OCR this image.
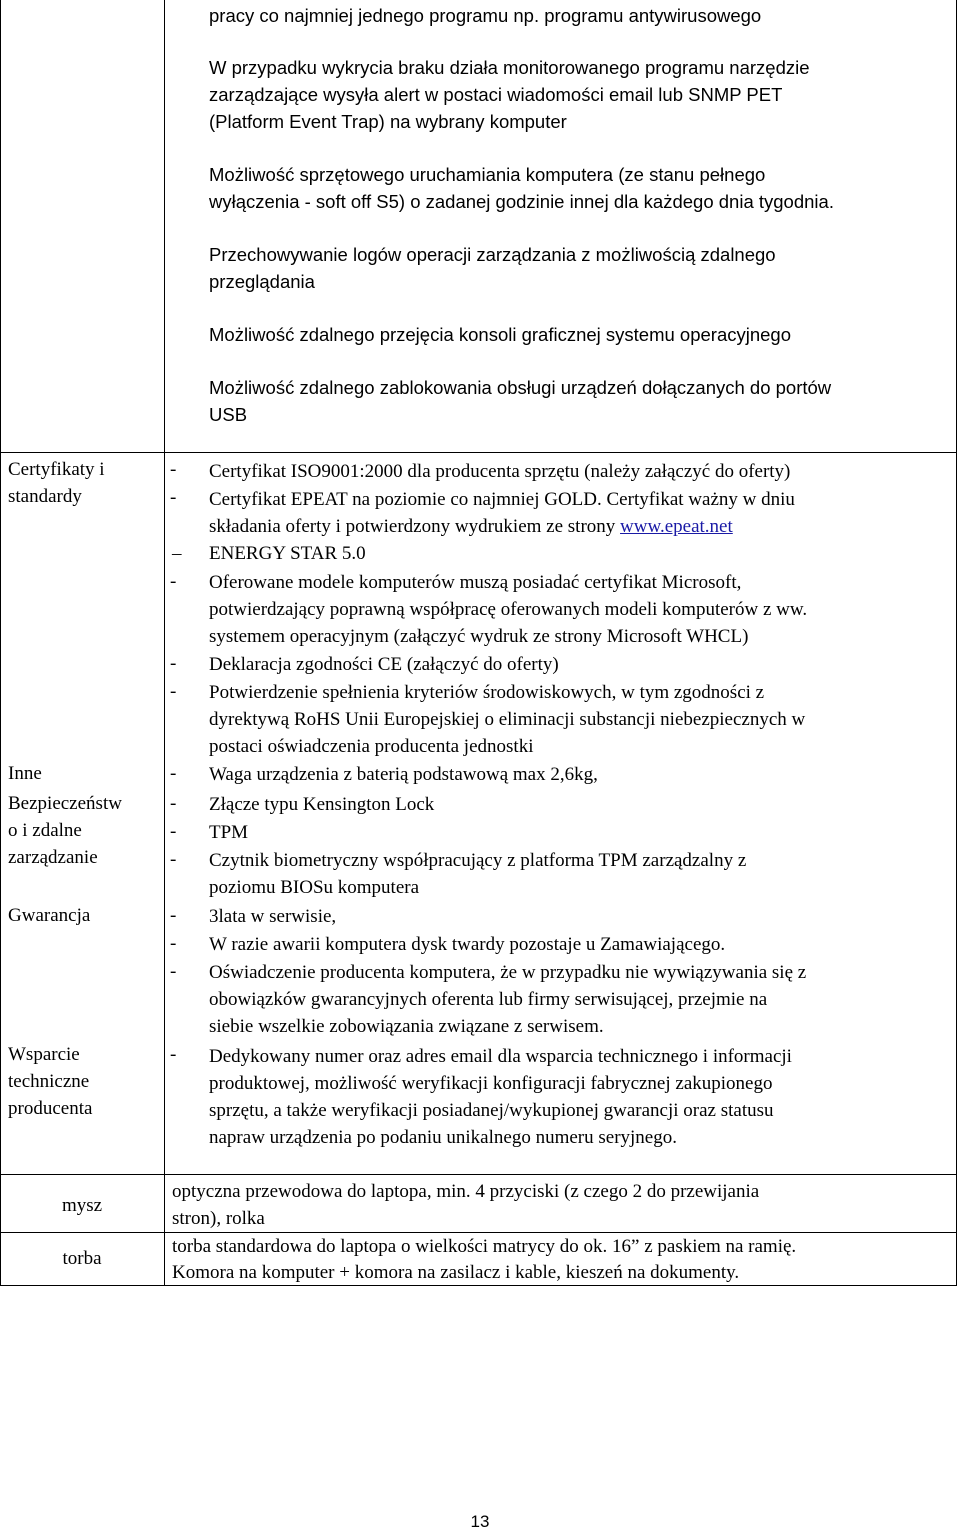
pracy co najmniej jednego programu np. programu antywirusowego
W przypadku wykrycia braku działa monitorowanego programu narzędzie
zarządzające wysyła alert w postaci wiadomości email lub SNMP PET
(Platform Event Trap) na wybrany komputer
Możliwość sprzętowego uruchamiania komputera (ze stanu pełnego
wyłączenia - soft off S5) o zadanej godzinie innej dla każdego dnia tygodnia.
Przechowywanie logów operacji zarządzania z możliwością zdalnego
przeglądania
Możliwość zdalnego przejęcia konsoli graficznej systemu operacyjnego
Możliwość zdalnego zablokowania obsługi urządzeń dołączanych do portów
USB
Certyfikaty i
standardy
- Certyfikat ISO9001:2000 dla producenta sprzętu (należy załączyć do oferty)
- Certyfikat EPEAT na poziomie co najmniej GOLD. Certyfikat ważny w dniu
składania oferty i potwierdzony wydrukiem ze strony www.epeat.net
– ENERGY STAR 5.0
- Oferowane modele komputerów muszą posiadać certyfikat Microsoft,
potwierdzający poprawną współpracę oferowanych modeli komputerów z ww.
systemem operacyjnym (załączyć wydruk ze strony Microsoft WHCL)
- Deklaracja zgodności CE (załączyć do oferty)
- Potwierdzenie spełnienia kryteriów środowiskowych, w tym zgodności z
dyrektywą RoHS Unii Europejskiej o eliminacji substancji niebezpiecznych w
postaci oświadczenia producenta jednostki
Inne	- Waga urządzenia z baterią podstawową max 2,6kg,
Bezpieczeństw
o i zdalne
zarządzanie
- Złącze typu Kensington Lock
- TPM
- Czytnik biometryczny współpracujący z platforma TPM zarządzalny z
poziomu BIOSu komputera
Gwarancja	- 3lata w serwisie,
- W razie awarii komputera dysk twardy pozostaje u Zamawiającego.
- Oświadczenie producenta komputera, że w przypadku nie wywiązywania się z
obowiązków gwarancyjnych oferenta lub firmy serwisującej, przejmie na
siebie wszelkie zobowiązania związane z serwisem.
Wsparcie
techniczne
producenta
- Dedykowany numer oraz adres email dla wsparcia technicznego i informacji
produktowej, możliwość weryfikacji konfiguracji fabrycznej zakupionego
sprzętu, a także weryfikacji posiadanej/wykupionej gwarancji oraz statusu
napraw urządzenia po podaniu unikalnego numeru seryjnego.
mysz
optyczna przewodowa do laptopa, min. 4 przyciski (z czego 2 do przewijania
stron), rolka
torba
torba standardowa do laptopa o wielkości matrycy do ok. 16” z paskiem na ramię.
Komora na komputer + komora na zasilacz i kable, kieszeń na dokumenty.
13
